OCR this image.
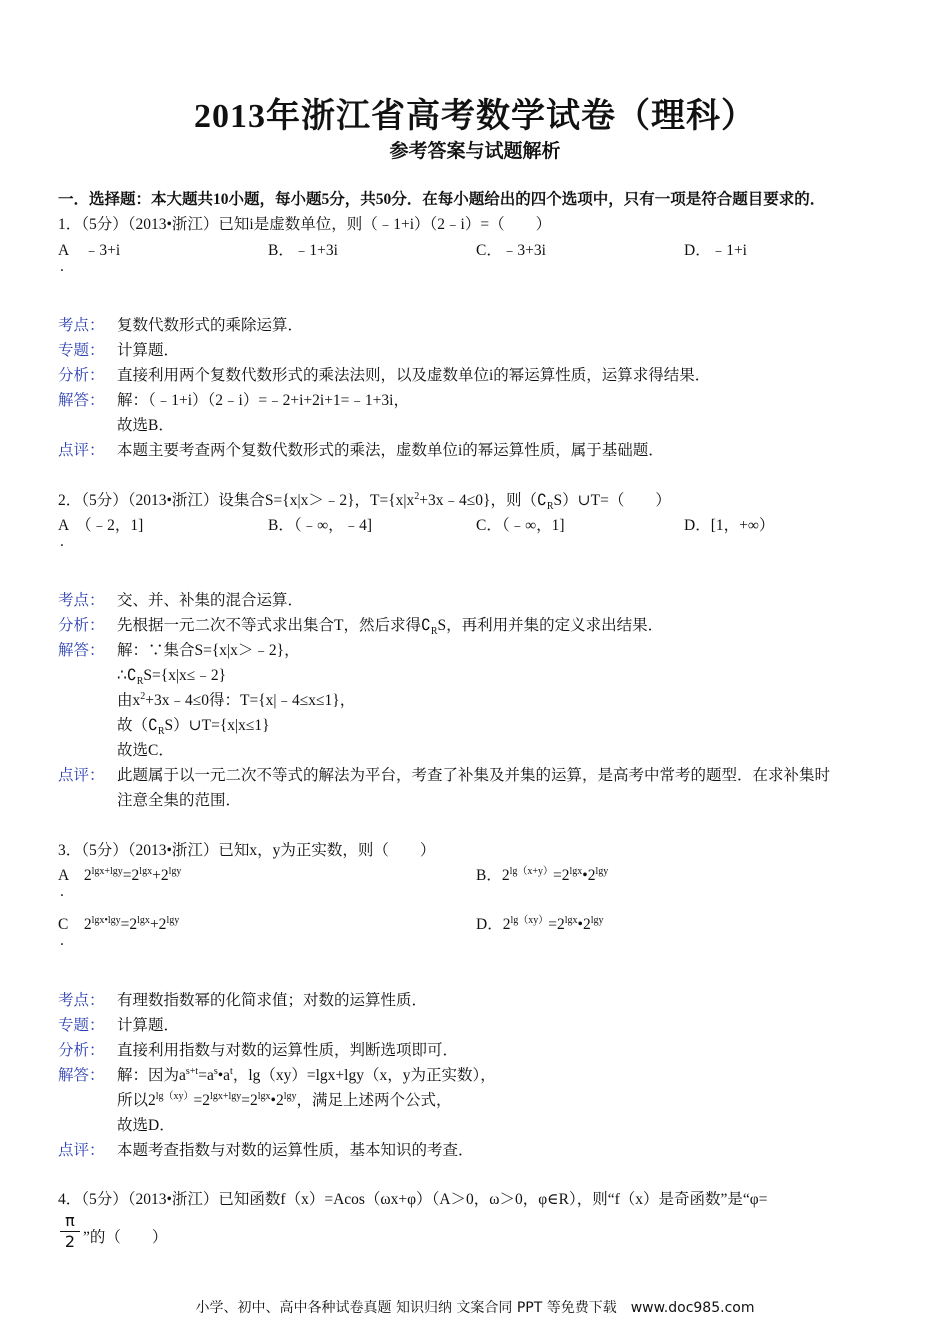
2013年浙江省高考数学试卷（理科）
参考答案与试题解析
一．选择题：本大题共10小题，每小题5分，共50分．在每小题给出的四个选项中，只有一项是符合题目要求的．
1．（5分）（2013•浙江）已知i是虚数单位，则（﹣1+i）（2﹣i）=（　　）
A　﹣3+i	B．﹣1+3i	C．﹣3+3i	D．﹣1+i
.
考点： 复数代数形式的乘除运算．
专题： 计算题．
分析： 直接利用两个复数代数形式的乘法法则，以及虚数单位i的幂运算性质，运算求得结果．
解答： 解：（﹣1+i）（2﹣i）=﹣2+i+2i+1=﹣1+3i，
故选B．
点评： 本题主要考查两个复数代数形式的乘法，虚数单位i的幂运算性质，属于基础题．
2．（5分）（2013•浙江）设集合S={x|x＞﹣2}，$T=\{x|x^2+3x﹣4\le 0\}$，则$(∁_RS)\cup T=$（　　）
A　（﹣2，1]	B．（﹣∞，﹣4]	C．（﹣∞，1]	D．[1，+∞）
.
考点： 交、并、补集的混合运算．
分析： 先根据一元二次不等式求出集合T，然后求得$∁_RS$，再利用并集的定义求出结果．
解答： 解：∵集合S={x|x＞﹣2}，
$\therefore∁_RS=\{x|x\le﹣2\}$
由$x^2+3x﹣4\le 0$得：T={x|﹣4≤x≤1}，
故$(∁_RS)\cup T=\{x|x\le 1\}$
故选C．
点评： 此题属于以一元二次不等式的解法为平台，考查了补集及并集的运算，是高考中常考的题型．在求补集时
注意全集的范围．
3．（5分）（2013•浙江）已知x，y为正实数，则（　　）
A　$2^{lgx+lgy}=2^{lgx}+2^{lgy}$	B．$2^{lg(x+y)}=2^{lgx}•2^{lgy}$
.
C　$2^{lgx•lgy}=2^{lgx}+2^{lgy}$	D．$2^{lg(xy)}=2^{lgx}•2^{lgy}$
.
考点： 有理数指数幂的化简求值；对数的运算性质．
专题： 计算题．
分析： 直接利用指数与对数的运算性质，判断选项即可．
解答： 解：因为$a^{s+t}=a^s•a^t$，lg（xy）=lgx+lgy（x，y为正实数），
所以$2^{lg(xy)}=2^{lgx+lgy}=2^{lgx}•2^{lgy}$，满足上述两个公式，
故选D．
点评： 本题考查指数与对数的运算性质，基本知识的考查．
4．（5分）（2013•浙江）已知函数f（x）=Acos（ωx+φ）（A＞0，ω＞0，φ∈R），则“f（x）是奇函数”是“φ=
π
2 ”的（　　）
小学、初中、高中各种试卷真题 知识归纳 文案合同 PPT 等免费下载　www.doc985.com
